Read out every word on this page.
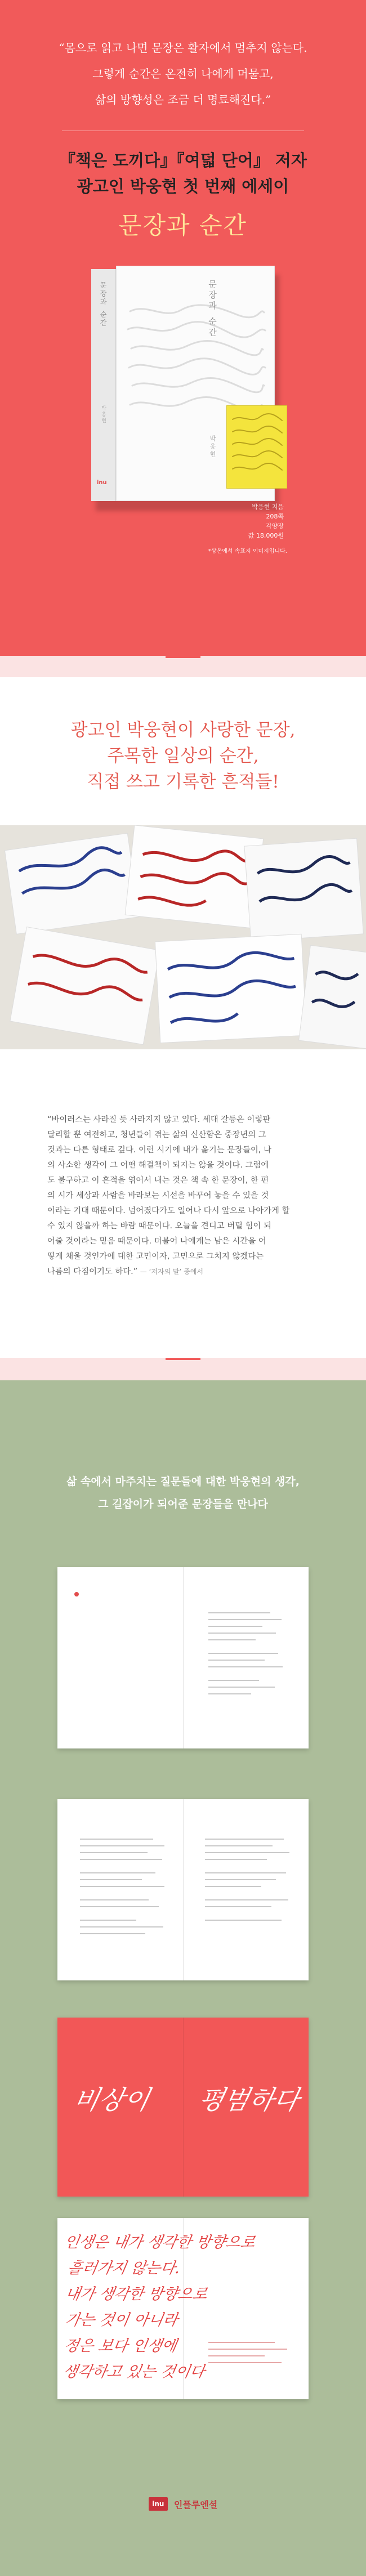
“몸으로 읽고 나면 문장은 활자에서 멈추지 않는다.

그렇게 순간은 온전히 나에게 머물고,

삶의 방향성은 조금 더 명료해진다.”

『책은 도끼다』『여덟 단어』 저자
광고인 박웅현 첫 번째 에세이
문장과 순간
문장과 순간
박웅현
inu
문장과 순간
박웅현
박웅현 지음
208쪽
각양장
값 18,000원
*상온에서 속표지 이미지입니다.
광고인 박웅현이 사랑한 문장,
주목한 일상의 순간,
직접 쓰고 기록한 흔적들!
“바이러스는 사라질 듯 사라지지 않고 있다. 세대 갈등은 이렇판
달리할 뿐 여전하고, 청년들이 겪는 삶의 신산함은 중장년의 그
것과는 다른 형태로 깊다. 이런 시기에 내가 옮기는 문장들이, 나
의 사소한 생각이 그 어떤 해결책이 되지는 않을 것이다. 그럼에
도 불구하고 이 흔적을 엮어서 내는 것은 책 속 한 문장이, 한 편
의 시가 세상과 사람을 바라보는 시선을 바꾸어 놓을 수 있을 것
이라는 기대 때문이다. 넘어졌다가도 일어나 다시 앞으로 나아가게 할
수 있지 않을까 하는 바람 때문이다. 오늘을 견디고 버틸 힘이 되
어줄 것이라는 믿음 때문이다. 더불어 나에게는 남은 시간을 어
떻게 채울 것인가에 대한 고민이자, 고민으로 그치지 않겠다는
나름의 다짐이기도 하다.” — ‘저자의 말’ 중에서
삶 속에서 마주치는 질문들에 대한 박웅현의 생각,
그 길잡이가 되어준 문장들을 만나다
비상이 평범하다
인생은 내가 생각한 방향으로
흘러가지 않는다.
내가 생각한 방향으로
가는 것이 아니라
정은 보다 인생에
생각하고 있는 것이다
inu 인플루엔셜
